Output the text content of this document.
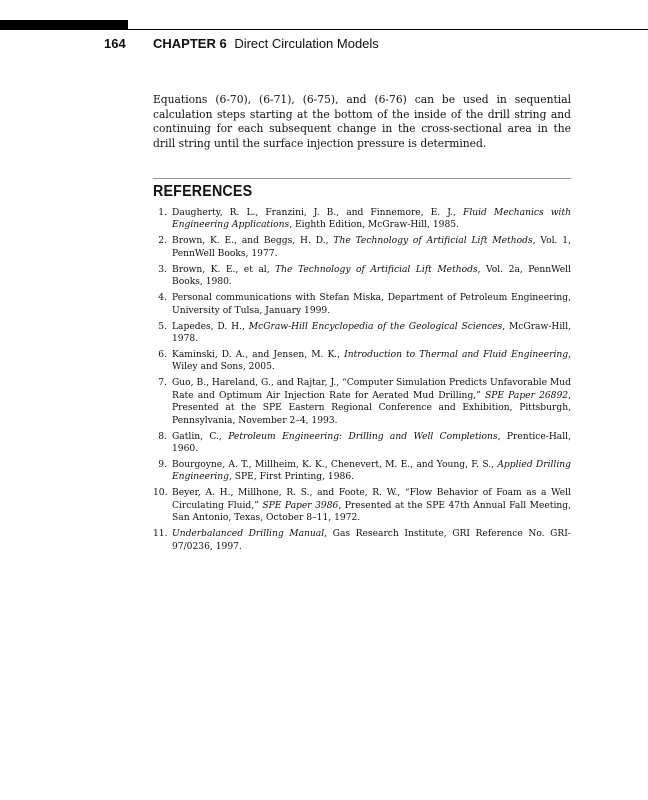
164 CHAPTER 6 Direct Circulation Models

Equations (6-70), (6-71), (6-75), and (6-76) can be used in sequential calculation steps starting at the bottom of the inside of the drill string and continuing for each subsequent change in the cross-sectional area in the drill string until the surface injection pressure is determined.

REFERENCES
1. Daugherty, R. L., Franzini, J. B., and Finnemore, E. J., Fluid Mechanics with Engineering Applications, Eighth Edition, McGraw-Hill, 1985.
2. Brown, K. E., and Beggs, H. D., The Technology of Artificial Lift Methods, Vol. 1, PennWell Books, 1977.
3. Brown, K. E., et al, The Technology of Artificial Lift Methods, Vol. 2a, PennWell Books, 1980.
4. Personal communications with Stefan Miska, Department of Petroleum Engineering, University of Tulsa, January 1999.
5. Lapedes, D. H., McGraw-Hill Encyclopedia of the Geological Sciences, McGraw-Hill, 1978.
6. Kaminski, D. A., and Jensen, M. K., Introduction to Thermal and Fluid Engineering, Wiley and Sons, 2005.
7. Guo, B., Hareland, G., and Rajtar, J., “Computer Simulation Predicts Unfavorable Mud Rate and Optimum Air Injection Rate for Aerated Mud Drilling,” SPE Paper 26892, Presented at the SPE Eastern Regional Conference and Exhibition, Pittsburgh, Pennsylvania, November 2–4, 1993.
8. Gatlin, C., Petroleum Engineering: Drilling and Well Completions, Prentice-Hall, 1960.
9. Bourgoyne, A. T., Millheim, K. K., Chenevert, M. E., and Young, F. S., Applied Drilling Engineering, SPE, First Printing, 1986.
10. Beyer, A. H., Millhone, R. S., and Foote, R. W., “Flow Behavior of Foam as a Well Circulating Fluid,” SPE Paper 3986, Presented at the SPE 47th Annual Fall Meeting, San Antonio, Texas, October 8–11, 1972.
11. Underbalanced Drilling Manual, Gas Research Institute, GRI Reference No. GRI-97/0236, 1997.
